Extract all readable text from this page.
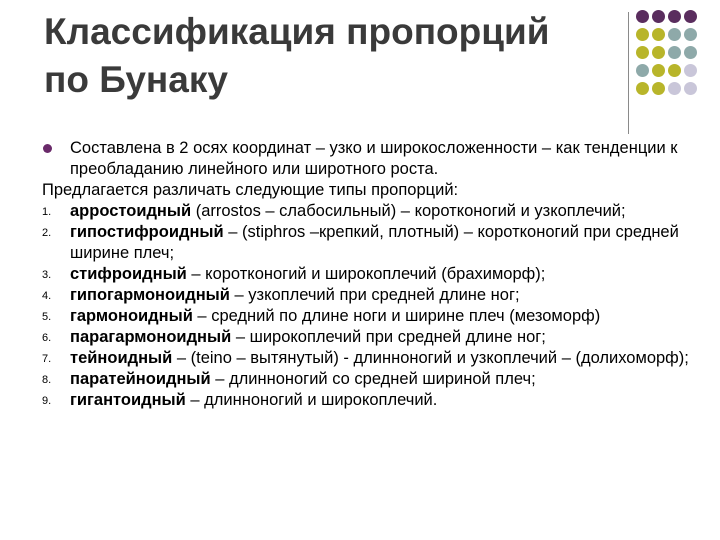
Классификация пропорций
по Бунаку
Составлена в 2 осях координат – узко и широкосложенности – как тенденции к преобладанию линейного или широтного роста.
Предлагается различать следующие типы пропорций:
1. арростоидный (arrostos – слабосильный) – коротконогий и узкоплечий;
2. гипостифроидный – (stiphros –крепкий, плотный) – коротконогий при средней ширине плеч;
3. стифроидный – коротконогий и широкоплечий (брахиморф);
4. гипогармоноидный – узкоплечий при средней длине ног;
5. гармоноидный – средний по длине ноги и ширине плеч (мезоморф)
6. парагармоноидный – широкоплечий при средней длине ног;
7. тейноидный – (teino – вытянутый) - длинноногий и узкоплечий – (долихоморф);
8. паратейноидный – длинноногий со средней шириной плеч;
9. гигантоидный – длинноногий и широкоплечий.
